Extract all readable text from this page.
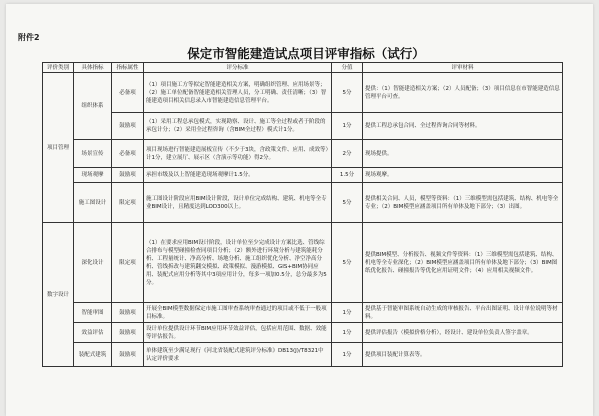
附件2
保定市智能建造试点项目评审指标（试行）
评价类别	具体指标	指标属性	评分标准	分值	评审材料
项目管理	组织体系	必备项	（1）项目施工方等拟定智能建造相关方案，明确组织管理、应用场景等；（2）施工单位配备智能建造相关管理人员，分工明确、责任清晰；（3）智能建造项目相关信息录入市智能建造信息管理平台。	5分	提供：（1）智能建造相关方案；（2）人员配备；（3）项目信息在市智能建造信息管理平台可查。
		鼓励项	（1）采用工程总承包模式，实现勘察、设计、施工等全过程或者于阶段的承包计分；（2）采用全过程咨询（含BIM全过程）模式计1分。	1分	提供工程总承包合同、全过程咨询合同等材料。
	场景宣传	必备项	项目现场进行智能建造展板宣传（不少于3块，含政策文件、应用、成效等）计1分，建立展厅、展示区（含演示等功能）得2分。	2分	现场提供。
	现场观摩	鼓励项	承担市级及以上智能建造现场观摩计1.5分。	1.5分	现场观摩。
	施工图设计	限定项	施工图设计阶段应用BIM设计阶段，设计单位完成结构、建筑、机电等全专业BIM设计，且精度达到LOD300以上。	5分	提供相关合同、人员，模型等资料：（1）三维模型需包括建筑、结构、机电等全专业；（2）BIM模型应涵盖项目所有单体及地下部分；（3）出图。
数字设计	深化设计	限定项	（1）在要求应用BIM设计阶段，设计单位至少完成设计方案比选、管线综合排布与模型碰撞检查同项目分析；（2）额外进行环境分析与建筑能耗分析、工程量统计、净高分析、场地分析、施工组织优化分析、净空净高分析、管线拆改与建筑翻交模拟、政策模拟、漫游模拟、GIS+BIM协同应用、装配式应用分析等其中3项应用计分，每多一项加0.5分，总分最多为5分。	5分	提供BIM模型、分析报告、视频文件等资料：（1）三维模型需包括建筑、结构、机电等全专业深化；（2）BIM模型应涵盖项目所有单体及地下部分；（3）BIM图纸优化报告、碰撞报告等优化应用证明文件；（4）应用相关视频文件。
	智能审图	鼓励项	开展全BIM模型数据保定市施工图审查系统审查通过的项目或不低于一般项目标准。	1分	提供基于智能审图系统自动生成的审核报告、平台出图证明、设计单位说明等材料。
	效益评估	鼓励项	设计单位提供设计环节BIM应用环节效益评估，包括应用范围、数据、效能等评估报告。	1分	提供评估报告（模拟价格分析），经设计、建设单位负责人签字盖章。
	装配式建筑	鼓励项	单体建筑至少满足现行《河北省装配式建筑评分标准》DB13(J)/T8321中认定评价要求	1分	提供项目装配计算表等。
